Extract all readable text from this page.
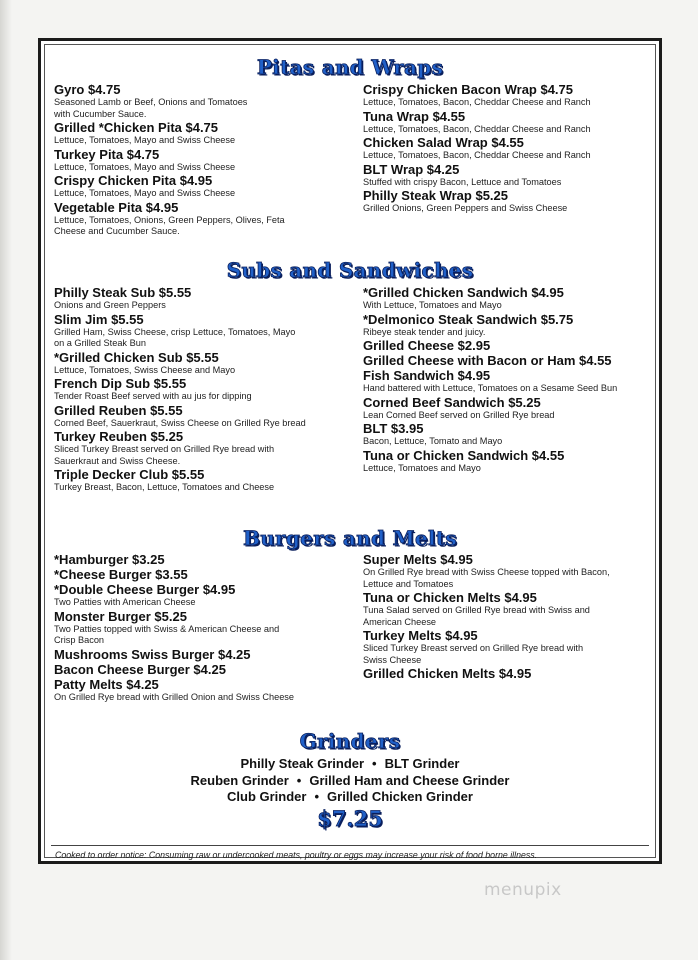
Pitas and Wraps
Gyro $4.75
Seasoned Lamb or Beef, Onions and Tomatoes
with Cucumber Sauce.
Grilled *Chicken Pita $4.75
Lettuce, Tomatoes, Mayo and Swiss Cheese
Turkey Pita $4.75
Lettuce, Tomatoes, Mayo and Swiss Cheese
Crispy Chicken Pita $4.95
Lettuce, Tomatoes, Mayo and Swiss Cheese
Vegetable Pita $4.95
Lettuce, Tomatoes, Onions, Green Peppers, Olives, Feta
Cheese and Cucumber Sauce.
Crispy Chicken Bacon Wrap $4.75
Lettuce, Tomatoes, Bacon, Cheddar Cheese and Ranch
Tuna Wrap $4.55
Lettuce, Tomatoes, Bacon, Cheddar Cheese and Ranch
Chicken Salad Wrap $4.55
Lettuce, Tomatoes, Bacon, Cheddar Cheese and Ranch
BLT Wrap $4.25
Stuffed with crispy Bacon, Lettuce and Tomatoes
Philly Steak Wrap $5.25
Grilled Onions, Green Peppers and Swiss Cheese
Subs and Sandwiches
Philly Steak Sub $5.55
Onions and Green Peppers
Slim Jim $5.55
Grilled Ham, Swiss Cheese, crisp Lettuce, Tomatoes, Mayo
on a Grilled Steak Bun
*Grilled Chicken Sub $5.55
Lettuce, Tomatoes, Swiss Cheese and Mayo
French Dip Sub $5.55
Tender Roast Beef served with au jus for dipping
Grilled Reuben $5.55
Corned Beef, Sauerkraut, Swiss Cheese on Grilled Rye bread
Turkey Reuben $5.25
Sliced Turkey Breast served on Grilled Rye bread with
Sauerkraut and Swiss Cheese.
Triple Decker Club $5.55
Turkey Breast, Bacon, Lettuce, Tomatoes and Cheese
*Grilled Chicken Sandwich $4.95
With Lettuce, Tomatoes and Mayo
*Delmonico Steak Sandwich $5.75
Ribeye steak tender and juicy.
Grilled Cheese $2.95
Grilled Cheese with Bacon or Ham $4.55
Fish Sandwich $4.95
Hand battered with Lettuce, Tomatoes on a Sesame Seed Bun
Corned Beef Sandwich $5.25
Lean Corned Beef served on Grilled Rye bread
BLT $3.95
Bacon, Lettuce, Tomato and Mayo
Tuna or Chicken Sandwich $4.55
Lettuce, Tomatoes and Mayo
Burgers and Melts
*Hamburger $3.25
*Cheese Burger $3.55
*Double Cheese Burger $4.95
Two Patties with American Cheese
Monster Burger $5.25
Two Patties topped with Swiss & American Cheese and
Crisp Bacon
Mushrooms Swiss Burger $4.25
Bacon Cheese Burger $4.25
Patty Melts $4.25
On Grilled Rye bread with Grilled Onion and Swiss Cheese
Super Melts $4.95
On Grilled Rye bread with Swiss Cheese topped with Bacon,
Lettuce and Tomatoes
Tuna or Chicken Melts $4.95
Tuna Salad served on Grilled Rye bread with Swiss and
American Cheese
Turkey Melts $4.95
Sliced Turkey Breast served on Grilled Rye bread with
Swiss Cheese
Grilled Chicken Melts $4.95
Grinders
Philly Steak Grinder • BLT Grinder
Reuben Grinder • Grilled Ham and Cheese Grinder
Club Grinder • Grilled Chicken Grinder
$7.25
Cooked to order notice: Consuming raw or undercooked meats, poultry or eggs may increase your risk of food borne illness.
menupix
